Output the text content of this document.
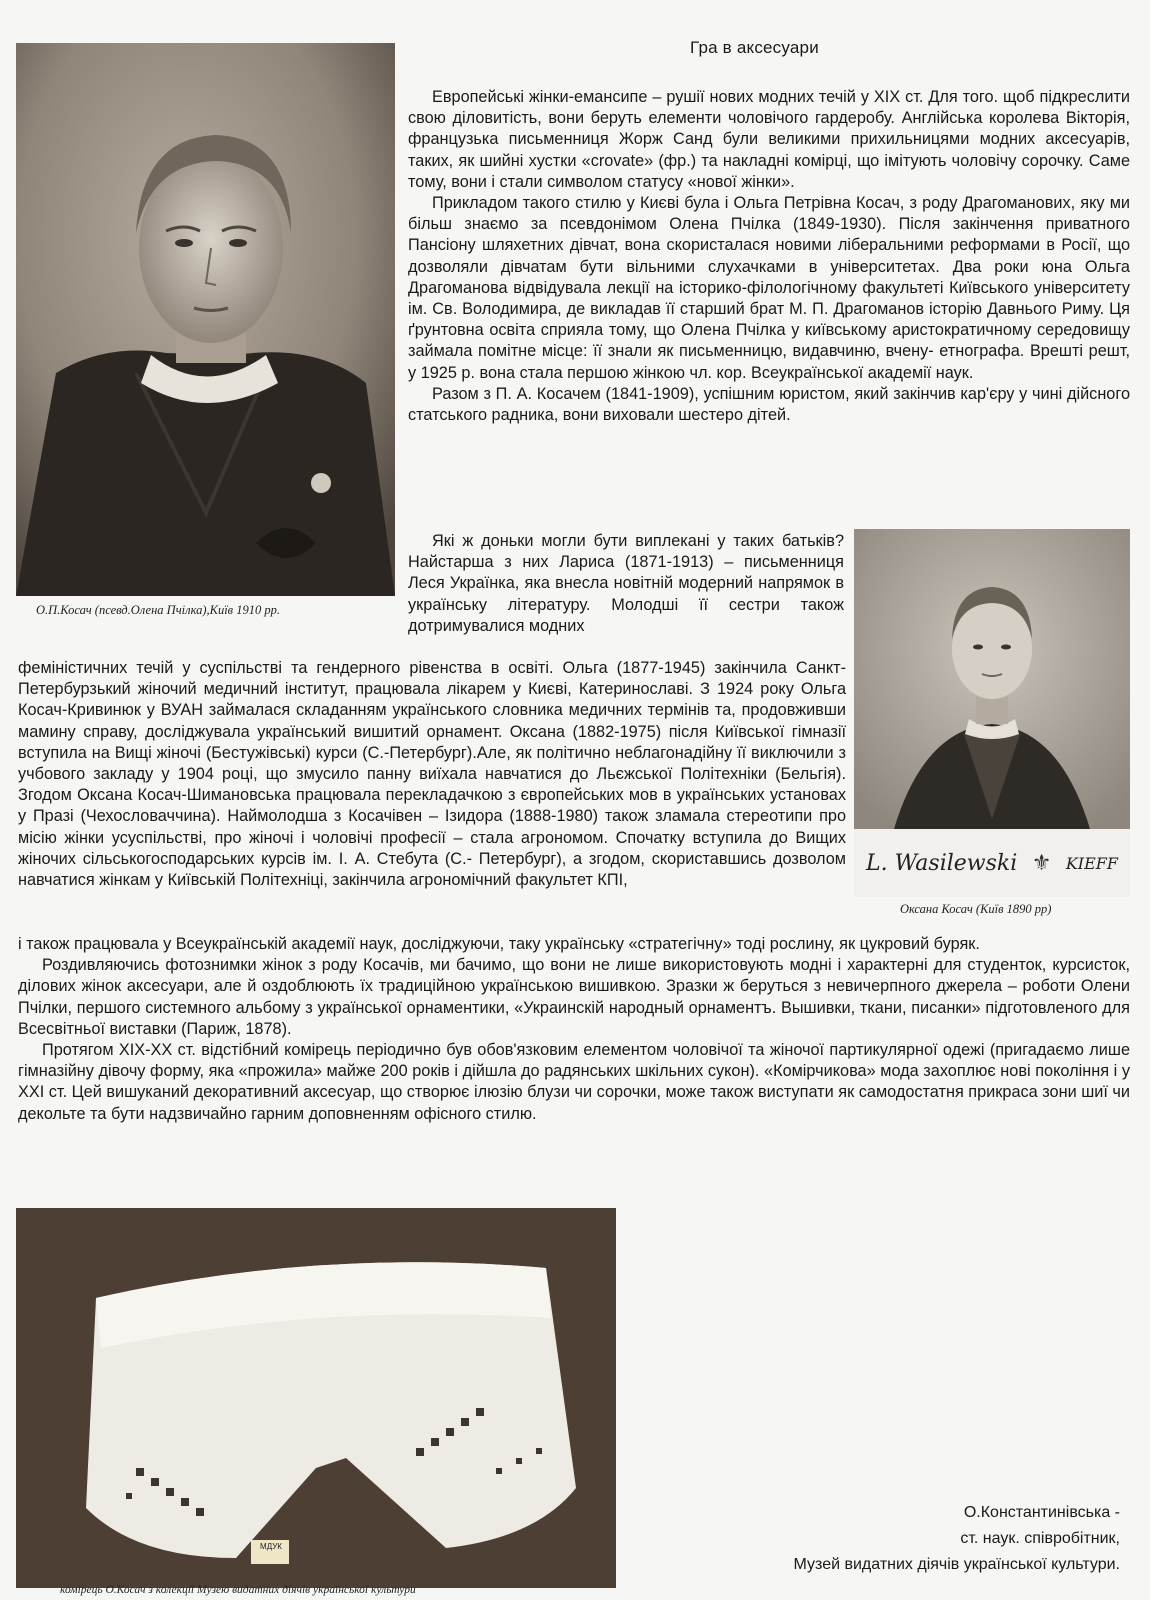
Гра в аксесуари
О.П.Косач (псевд.Олена Пчілка),Київ 1910 рр.

Европейські жінки-емансипе – рушії нових модних течій у ХІХ ст. Для того. щоб підкреслити свою діловитість, вони беруть елементи чоловічого гардеробу. Англійська королева Вікторія, французька письменниця Жорж Санд були великими прихильницями модних аксесуарів, таких, як шийні хустки «crovate» (фр.) та накладні комірці, що імітують чоловічу сорочку. Саме тому, вони і стали символом статусу «нової жінки».

Прикладом такого стилю у Києві була і Ольга Петрівна Косач, з роду Драгоманових, яку ми більш знаємо за псевдонімом Олена Пчілка (1849-1930). Після закінчення приватного Пансіону шляхетних дівчат, вона скористалася новими ліберальними реформами в Росії, що дозволяли дівчатам бути вільними слухачками в університетах. Два роки юна Ольга Драгоманова відвідувала лекції на історико-філологічному факультеті Київського університету ім. Св. Володимира, де викладав її старший брат М. П. Драгоманов історію Давнього Риму. Ця ґрунтовна освіта сприяла тому, що Олена Пчілка у київському аристократичному середовищу займала помітне місце: її знали як письменницю, видавчиню, вчену- етнографа. Врешті решт, у 1925 р. вона стала першою жінкою чл. кор. Всеукраїнської академії наук.

Разом з П. А. Косачем (1841-1909), успішним юристом, який закінчив кар'єру у чині дійсного статського радника, вони виховали шестеро дітей.

Які ж доньки могли бути виплекані у таких батьків? Найстарша з них Лариса (1871-1913) – письменниця Леся Українка, яка внесла новітній модерний напрямок в українську літературу. Молодші її сестри також дотримувалися модних

L. Wasilewski ⚜ KIEFF
Оксана Косач (Київ 1890 рр)

феміністичних течій у суспільстві та гендерного рівенства в освіті. Ольга (1877-1945) закінчила Санкт-Петербурзький жіночий медичний інститут, працювала лікарем у Києві, Катеринославі. З 1924 року Ольга Косач-Кривинюк у ВУАН займалася складанням українського словника медичних термінів та, продовживши мамину справу, досліджувала український вишитий орнамент. Оксана (1882-1975) після Київської гімназії вступила на Вищі жіночі (Бестужівські) курси (С.-Петербург).Але, як політично неблагонадійну її виключили з учбового закладу у 1904 році, що змусило панну виїхала навчатися до Льєжської Політехніки (Бельгія). Згодом Оксана Косач-Шимановська працювала перекладачкою з європейських мов в українських установах у Празі (Чехословаччина). Наймолодша з Косачівен – Ізидора (1888-1980) також зламала стереотипи про місію жінки усуспільстві, про жіночі і чоловічі професії – стала агрономом. Спочатку вступила до Вищих жіночих сільськогосподарських курсів ім. І. А. Стебута (С.- Петербург), а згодом, скориставшись дозволом навчатися жінкам у Київській Політехніці, закінчила агрономічний факультет КПІ,

і також працювала у Всеукраїнській академії наук, досліджуючи, таку українську «стратегічну» тоді рослину, як цукровий буряк.

Роздивляючись фотознимки жінок з роду Косачів, ми бачимо, що вони не лише використовують модні і характерні для студенток, курсисток, ділових жінок аксесуари, але й оздоблюють їх традиційною українською вишивкою. Зразки ж беруться з невичерпного джерела – роботи Олени Пчілки, першого системного альбому з української орнаментики, «Украинскій народный орнаментъ. Вышивки, ткани, писанки» підготовленого для Всесвітньої виставки (Париж, 1878).

Протягом ХІХ-ХХ ст. відстібний комірець періодично був обов'язковим елементом чоловічої та жіночої партикулярної одежі (пригадаємо лише гімназійну дівочу форму, яка «прожила» майже 200 років і дійшла до радянських шкільних сукон). «Комірчикова» мода захоплює нові покоління і у ХХІ ст. Цей вишуканий декоративний аксесуар, що створює ілюзію блузи чи сорочки, може також виступати як самодостатня прикраса зони шиї чи декольте та бути надзвичайно гарним доповненням офісного стилю.

МДУК
комірець О.Косач з колекції Музею видатних діячів української культури
О.Константинівська -
ст. наук. співробітник,
Музей видатних діячів української культури.
